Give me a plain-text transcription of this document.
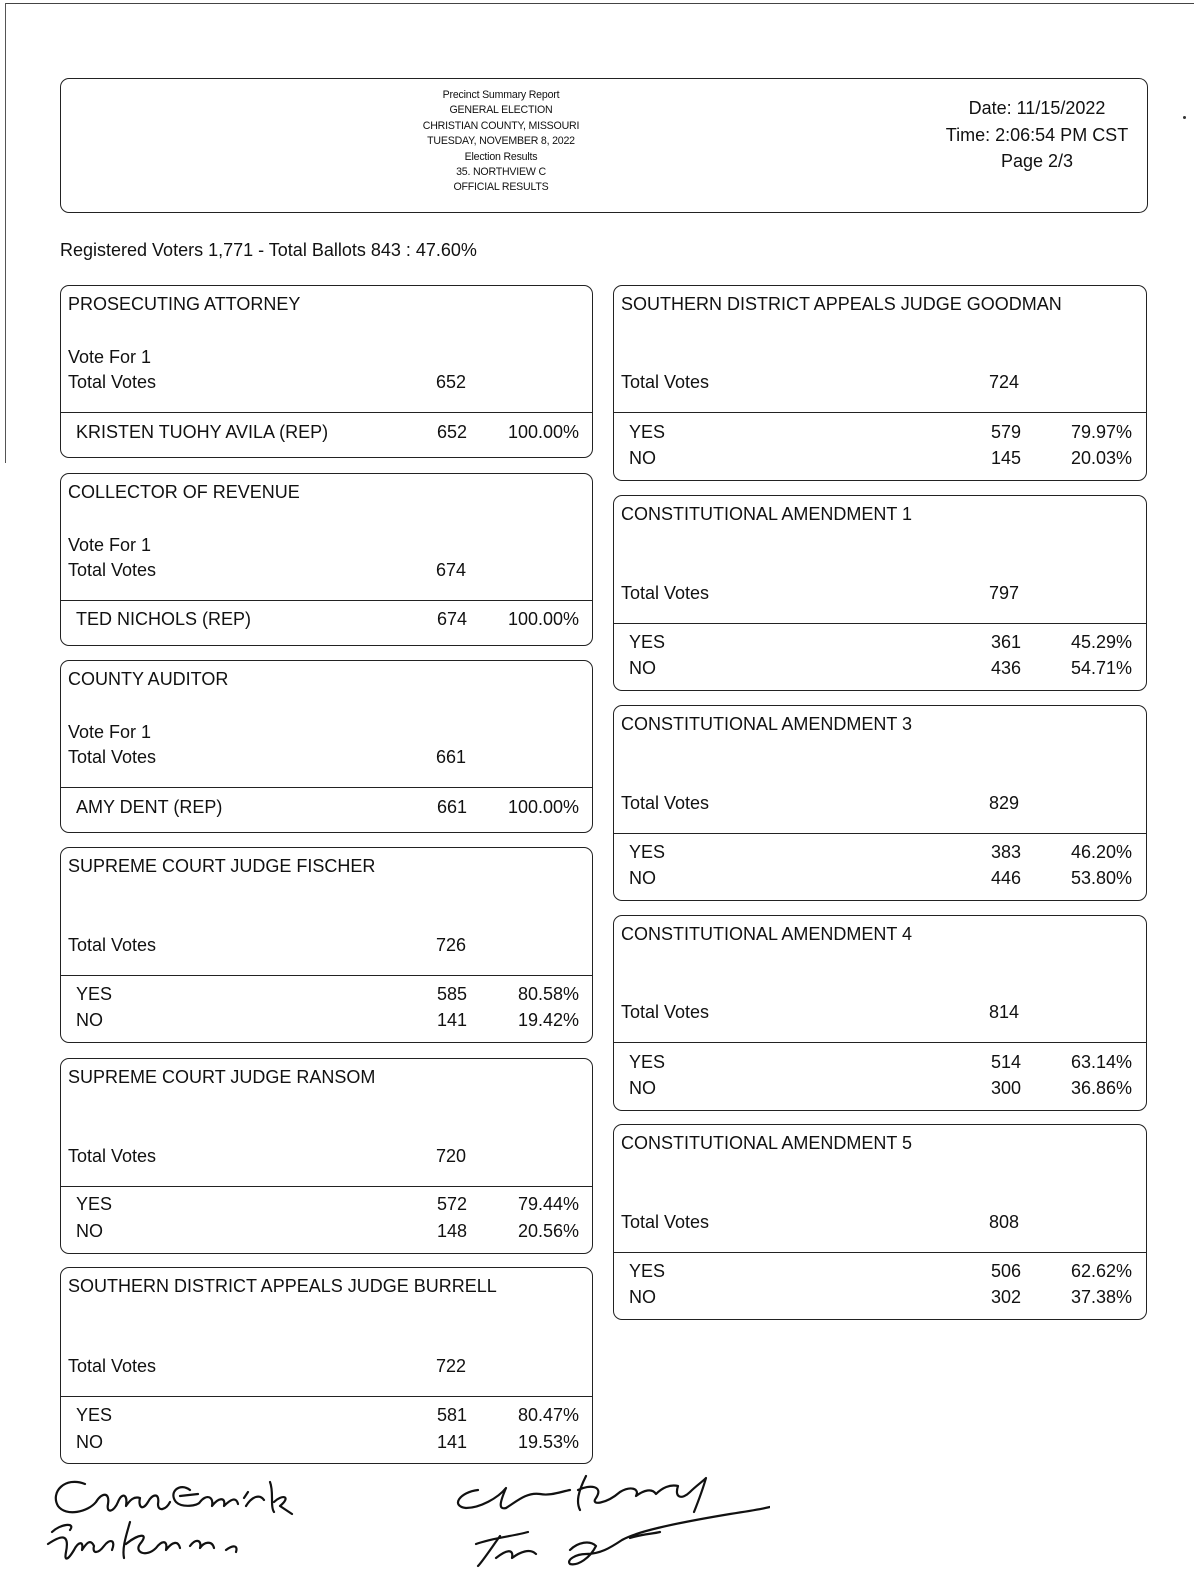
Precinct Summary Report
GENERAL ELECTION
CHRISTIAN COUNTY, MISSOURI
TUESDAY, NOVEMBER 8, 2022
Election Results
35. NORTHVIEW C
OFFICIAL RESULTS
Date: 11/15/2022
Time: 2:06:54 PM CST
Page 2/3
Registered Voters 1,771 - Total Ballots 843 : 47.60%
PROSECUTING ATTORNEY
Vote For 1
Total Votes	652
KRISTEN TUOHY AVILA (REP)	652	100.00%
COLLECTOR OF REVENUE
Vote For 1
Total Votes	674
TED NICHOLS (REP)	674	100.00%
COUNTY AUDITOR
Vote For 1
Total Votes	661
AMY DENT (REP)	661	100.00%
SUPREME COURT JUDGE FISCHER
Total Votes	726
YES	585	80.58%
NO	141	19.42%
SUPREME COURT JUDGE RANSOM
Total Votes	720
YES	572	79.44%
NO	148	20.56%
SOUTHERN DISTRICT APPEALS JUDGE BURRELL
Total Votes	722
YES	581	80.47%
NO	141	19.53%
SOUTHERN DISTRICT APPEALS JUDGE GOODMAN
Total Votes	724
YES	579	79.97%
NO	145	20.03%
CONSTITUTIONAL AMENDMENT 1
Total Votes	797
YES	361	45.29%
NO	436	54.71%
CONSTITUTIONAL AMENDMENT 3
Total Votes	829
YES	383	46.20%
NO	446	53.80%
CONSTITUTIONAL AMENDMENT 4
Total Votes	814
YES	514	63.14%
NO	300	36.86%
CONSTITUTIONAL AMENDMENT 5
Total Votes	808
YES	506	62.62%
NO	302	37.38%
